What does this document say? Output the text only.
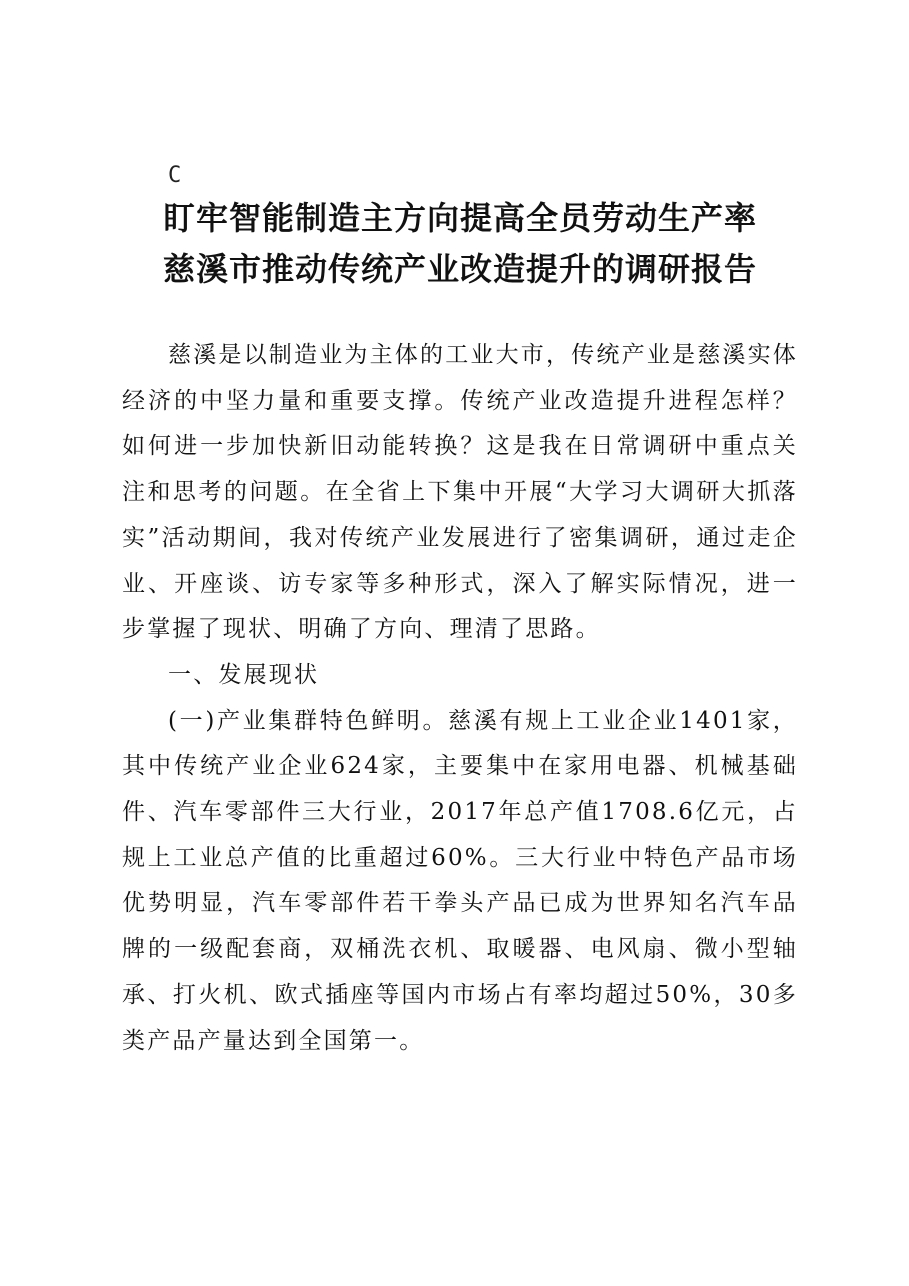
C
盯牢智能制造主方向提高全员劳动生产率
慈溪市推动传统产业改造提升的调研报告

慈溪是以制造业为主体的工业大市，传统产业是慈溪实体经济的中坚力量和重要支撑。传统产业改造提升进程怎样？如何进一步加快新旧动能转换？这是我在日常调研中重点关注和思考的问题。在全省上下集中开展“大学习大调研大抓落实”活动期间，我对传统产业发展进行了密集调研，通过走企业、开座谈、访专家等多种形式，深入了解实际情况，进一步掌握了现状、明确了方向、理清了思路。

一、发展现状

(一)产业集群特色鲜明。慈溪有规上工业企业1401家，其中传统产业企业624家，主要集中在家用电器、机械基础件、汽车零部件三大行业，2017年总产值1708.6亿元，占规上工业总产值的比重超过60%。三大行业中特色产品市场优势明显，汽车零部件若干拳头产品已成为世界知名汽车品牌的一级配套商，双桶洗衣机、取暖器、电风扇、微小型轴承、打火机、欧式插座等国内市场占有率均超过50%，30多类产品产量达到全国第一。
